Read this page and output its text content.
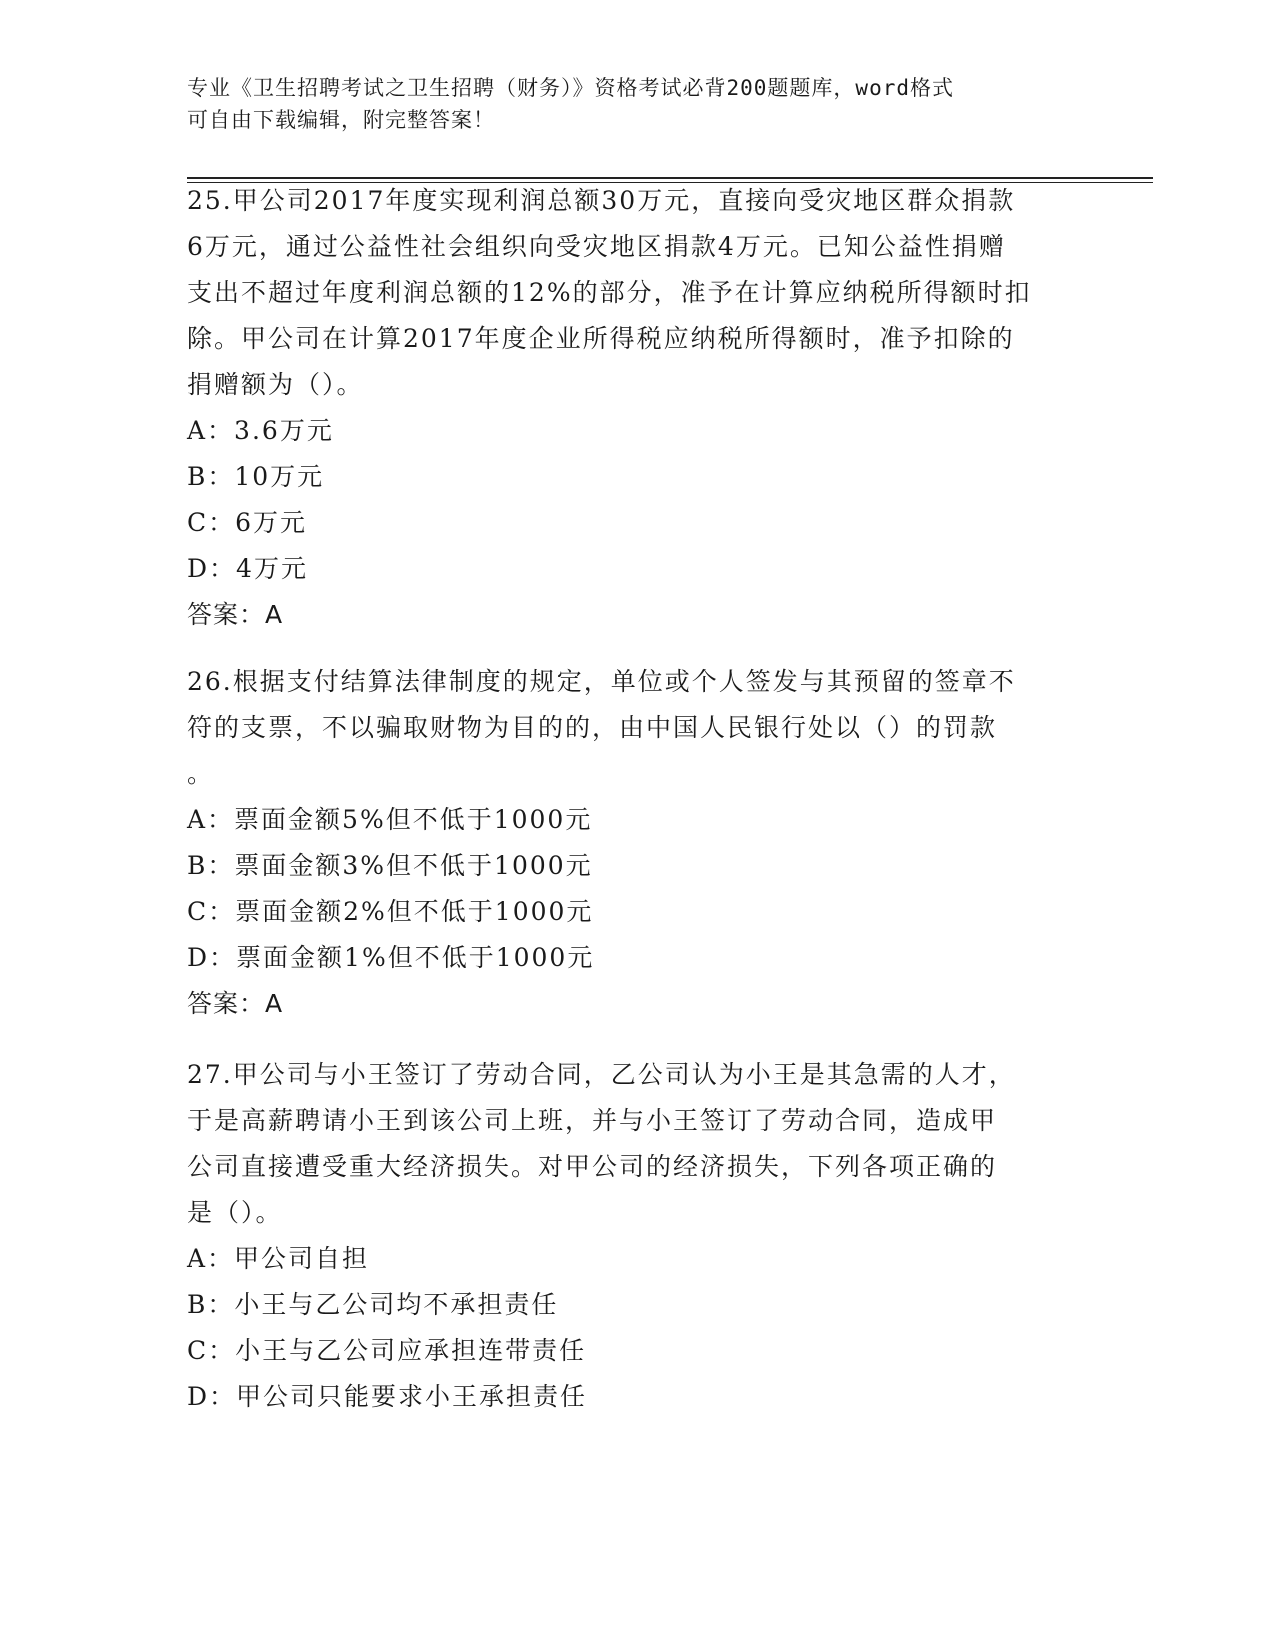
专业《卫生招聘考试之卫生招聘（财务）》资格考试必背200题题库，word格式
可自由下载编辑，附完整答案！
25.甲公司2017年度实现利润总额30万元，直接向受灾地区群众捐款
6万元，通过公益性社会组织向受灾地区捐款4万元。已知公益性捐赠
支出不超过年度利润总额的12%的部分，准予在计算应纳税所得额时扣
除。甲公司在计算2017年度企业所得税应纳税所得额时，准予扣除的
捐赠额为（）。
A：3.6万元
B：10万元
C：6万元
D：4万元
答案：A
26.根据支付结算法律制度的规定，单位或个人签发与其预留的签章不
符的支票，不以骗取财物为目的的，由中国人民银行处以（）的罚款
。
A：票面金额5%但不低于1000元
B：票面金额3%但不低于1000元
C：票面金额2%但不低于1000元
D：票面金额1%但不低于1000元
答案：A
27.甲公司与小王签订了劳动合同，乙公司认为小王是其急需的人才，
于是高薪聘请小王到该公司上班，并与小王签订了劳动合同，造成甲
公司直接遭受重大经济损失。对甲公司的经济损失，下列各项正确的
是（）。
A：甲公司自担
B：小王与乙公司均不承担责任
C：小王与乙公司应承担连带责任
D：甲公司只能要求小王承担责任
